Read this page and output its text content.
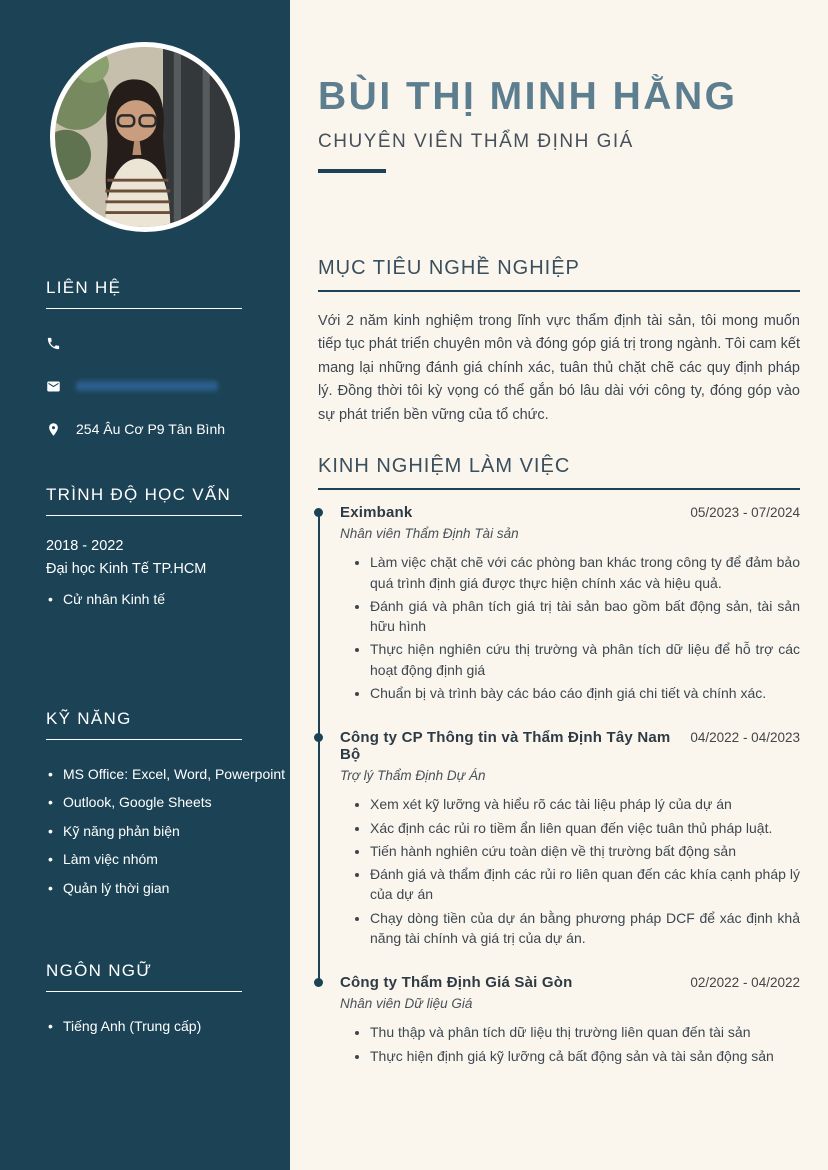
LIÊN HỆ
254 Âu Cơ P9 Tân Bình
TRÌNH ĐỘ HỌC VẤN
2018 - 2022
Đại học Kinh Tế TP.HCM
• Cử nhân Kinh tế
KỸ NĂNG
• MS Office: Excel, Word, Powerpoint
• Outlook, Google Sheets
• Kỹ năng phản biện
• Làm việc nhóm
• Quản lý thời gian
NGÔN NGỮ
• Tiếng Anh (Trung cấp)
BÙI THỊ MINH HẰNG
CHUYÊN VIÊN THẨM ĐỊNH GIÁ
MỤC TIÊU NGHỀ NGHIỆP

Với 2 năm kinh nghiệm trong lĩnh vực thẩm định tài sản, tôi mong muốn tiếp tục phát triển chuyên môn và đóng góp giá trị trong ngành. Tôi cam kết mang lại những đánh giá chính xác, tuân thủ chặt chẽ các quy định pháp lý. Đồng thời tôi kỳ vọng có thể gắn bó lâu dài với công ty, đóng góp vào sự phát triển bền vững của tổ chức.

KINH NGHIỆM LÀM VIỆC
Eximbank	05/2023 - 07/2024
Nhân viên Thẩm Định Tài sản
• Làm việc chặt chẽ với các phòng ban khác trong công ty để đảm bảo quá trình định giá được thực hiện chính xác và hiệu quả.
• Đánh giá và phân tích giá trị tài sản bao gồm bất động sản, tài sản hữu hình
• Thực hiện nghiên cứu thị trường và phân tích dữ liệu để hỗ trợ các hoạt động định giá
• Chuẩn bị và trình bày các báo cáo định giá chi tiết và chính xác.
Công ty CP Thông tin và Thẩm Định Tây Nam Bộ
04/2022 - 04/2023
Trợ lý Thẩm Định Dự Án
• Xem xét kỹ lưỡng và hiểu rõ các tài liệu pháp lý của dự án
• Xác định các rủi ro tiềm ẩn liên quan đến việc tuân thủ pháp luật.
• Tiến hành nghiên cứu toàn diện về thị trường bất động sản
• Đánh giá và thẩm định các rủi ro liên quan đến các khía cạnh pháp lý của dự án
• Chạy dòng tiền của dự án bằng phương pháp DCF để xác định khả năng tài chính và giá trị của dự án.
Công ty Thẩm Định Giá Sài Gòn	02/2022 - 04/2022
Nhân viên Dữ liệu Giá
• Thu thập và phân tích dữ liệu thị trường liên quan đến tài sản
• Thực hiện định giá kỹ lưỡng cả bất động sản và tài sản động sản
